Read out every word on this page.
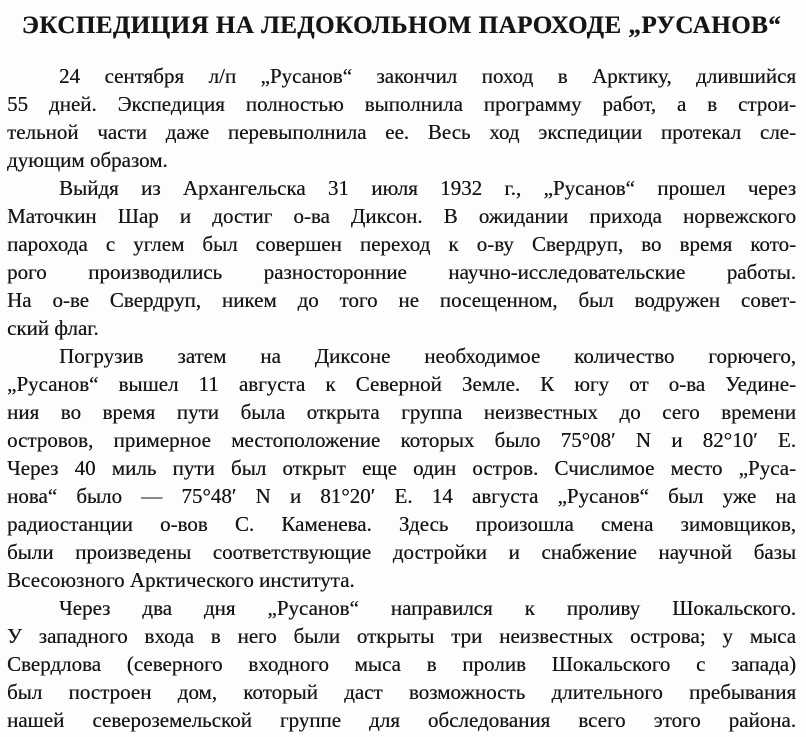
ЭКСПЕДИЦИЯ НА ЛЕДОКОЛЬНОМ ПАРОХОДЕ „РУСАНОВ“
24 сентября л/п „Русанов“ закончил поход в Арктику, длившийся
55 дней. Экспедиция полностью выполнила программу работ, а в строи-
тельной части даже перевыполнила ее. Весь ход экспедиции протекал сле-
дующим образом.
Выйдя из Архангельска 31 июля 1932 г., „Русанов“ прошел через
Маточкин Шар и достиг о-ва Диксон. В ожидании прихода норвежского
парохода с углем был совершен переход к о-ву Свердруп, во время кото-
рого производились разносторонние научно-исследовательские работы.
На о-ве Свердруп, никем до того не посещенном, был водружен совет-
ский флаг.
Погрузив затем на Диксоне необходимое количество горючего,
„Русанов“ вышел 11 августа к Северной Земле. К югу от о-ва Уедине-
ния во время пути была открыта группа неизвестных до сего времени
островов, примерное местоположение которых было 75°08′ N и 82°10′ E.
Через 40 миль пути был открыт еще один остров. Счислимое место „Руса-
нова“ было — 75°48′ N и 81°20′ E. 14 августа „Русанов“ был уже на
радиостанции о-вов С. Каменева. Здесь произошла смена зимовщиков,
были произведены соответствующие достройки и снабжение научной базы
Всесоюзного Арктического института.
Через два дня „Русанов“ направился к проливу Шокальского.
У западного входа в него были открыты три неизвестных острова; у мыса
Свердлова (северного входного мыса в пролив Шокальского с запада)
был построен дом, который даст возможность длительного пребывания
нашей североземельской группе для обследования всего этого района.
